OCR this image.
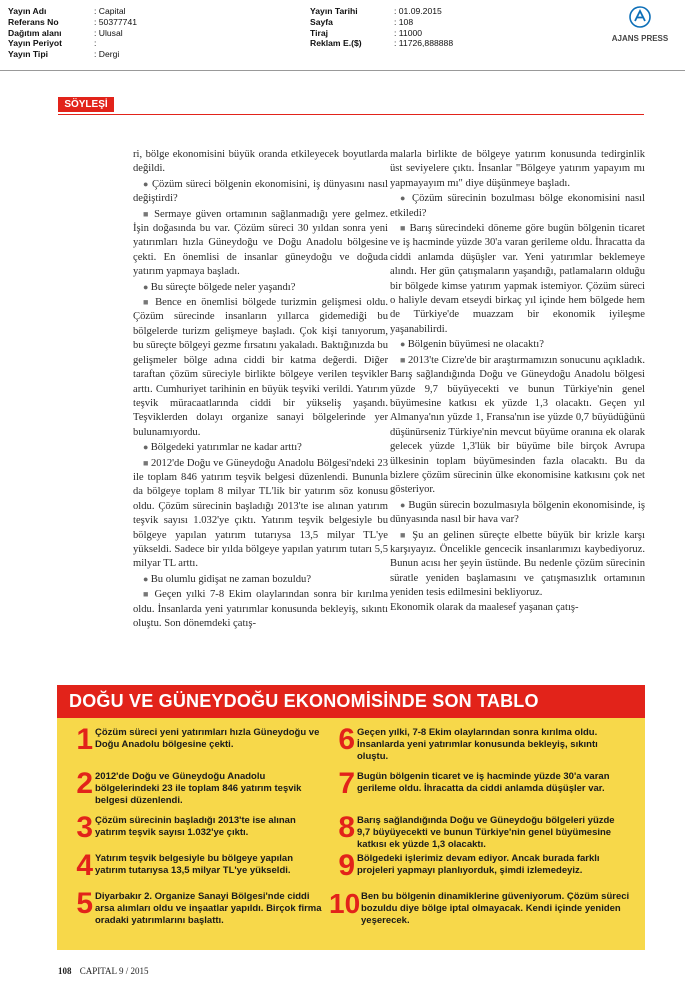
Yayın Adı	: Capital
Referans No	: 50377741
Dağıtım alanı	: Ulusal
Yayın Periyot	:
Yayın Tipi	: Dergi
Yayın Tarihi	: 01.09.2015
Sayfa	: 108
Tiraj	: 11000
Reklam E.($)	: 11726,888888	AJANS PRESS
SÖYLEŞİ

ri, bölge ekonomisini büyük oranda etkileyecek boyutlarda değildi.

● Çözüm süreci bölgenin ekonomisini, iş dünyasını nasıl değiştirdi?

■ Sermaye güven ortamının sağlanmadığı yere gelmez. İşin doğasında bu var. Çözüm süreci 30 yıldan sonra yeni yatırımları hızla Güneydoğu ve Doğu Anadolu bölgesine çekti. En önemlisi de insanlar güneydoğu ve doğuda yatırım yapmaya başladı.

● Bu süreçte bölgede neler yaşandı?

■ Bence en önemlisi bölgede turizmin gelişmesi oldu. Çözüm sürecinde insanların yıllarca gidemediği bu bölgelerde turizm gelişmeye başladı. Çok kişi tanıyorum, bu süreçte bölgeyi gezme fırsatını yakaladı. Baktığınızda bu gelişmeler bölge adına ciddi bir katma değerdi. Diğer taraftan çözüm süreciyle birlikte bölgeye verilen teşvikler arttı. Cumhuriyet tarihinin en büyük teşviki verildi. Yatırım teşvik müracaatlarında ciddi bir yükseliş yaşandı. Teşviklerden dolayı organize sanayi bölgelerinde yer bulunamıyordu.

● Bölgedeki yatırımlar ne kadar arttı?

■ 2012'de Doğu ve Güneydoğu Anadolu Bölgesi'ndeki 23 ile toplam 846 yatırım teşvik belgesi düzenlendi. Bununla da bölgeye toplam 8 milyar TL'lik bir yatırım söz konusu oldu. Çözüm sürecinin başladığı 2013'te ise alınan yatırım teşvik sayısı 1.032'ye çıktı. Yatırım teşvik belgesiyle bu bölgeye yapılan yatırım tutarıysa 13,5 milyar TL'ye yükseldi. Sadece bir yılda bölgeye yapılan yatırım tutarı 5,5 milyar TL arttı.

● Bu olumlu gidişat ne zaman bozuldu?

■ Geçen yılki 7-8 Ekim olaylarından sonra bir kırılma oldu. İnsanlarda yeni yatırımlar konusunda bekleyiş, sıkıntı oluştu. Son dönemdeki çatış-

malarla birlikte de bölgeye yatırım konusunda tedirginlik üst seviyelere çıktı. İnsanlar "Bölgeye yatırım yapayım mı yapmayayım mı" diye düşünmeye başladı.

● Çözüm sürecinin bozulması bölge ekonomisini nasıl etkiledi?

■ Barış sürecindeki döneme göre bugün bölgenin ticaret ve iş hacminde yüzde 30'a varan gerileme oldu. İhracatta da ciddi anlamda düşüşler var. Yeni yatırımlar beklemeye alındı. Her gün çatışmaların yaşandığı, patlamaların olduğu bir bölgede kimse yatırım yapmak istemiyor. Çözüm süreci o haliyle devam etseydi birkaç yıl içinde hem bölgede hem de Türkiye'de muazzam bir ekonomik iyileşme yaşanabilirdi.

● Bölgenin büyümesi ne olacaktı?

■ 2013'te Cizre'de bir araştırmamızın sonucunu açıkladık. Barış sağlandığında Doğu ve Güneydoğu Anadolu bölgesi yüzde 9,7 büyüyecekti ve bunun Türkiye'nin genel büyümesine katkısı ek yüzde 1,3 olacaktı. Geçen yıl Almanya'nın yüzde 1, Fransa'nın ise yüzde 0,7 büyüdüğünü düşünürseniz Türkiye'nin mevcut büyüme oranına ek olarak gelecek yüzde 1,3'lük bir büyüme bile birçok Avrupa ülkesinin toplam büyümesinden fazla olacaktı. Bu da bizlere çözüm sürecinin ülke ekonomisine katkısını çok net gösteriyor.

● Bugün sürecin bozulmasıyla bölgenin ekonomisinde, iş dünyasında nasıl bir hava var?

■ Şu an gelinen süreçte elbette büyük bir krizle karşı karşıyayız. Öncelikle gencecik insanlarımızı kaybediyoruz. Bunun acısı her şeyin üstünde. Bu nedenle çözüm sürecinin süratle yeniden başlamasını ve çatışmasızlık ortamının yeniden tesis edilmesini bekliyoruz.

Ekonomik olarak da maalesef yaşanan çatış-

DOĞU VE GÜNEYDOĞU EKONOMİSİNDE SON TABLO
1 Çözüm süreci yeni yatırımları hızla Güneydoğu ve Doğu Anadolu bölgesine çekti.
2 2012'de Doğu ve Güneydoğu Anadolu bölgelerindeki 23 ile toplam 846 yatırım teşvik belgesi düzenlendi.
3 Çözüm sürecinin başladığı 2013'te ise alınan yatırım teşvik sayısı 1.032'ye çıktı.
4 Yatırım teşvik belgesiyle bu bölgeye yapılan yatırım tutarıysa 13,5 milyar TL'ye yükseldi.
5 Diyarbakır 2. Organize Sanayi Bölgesi'nde ciddi arsa alımları oldu ve inşaatlar yapıldı. Birçok firma oradaki yatırımlarını başlattı.
6 Geçen yılki, 7-8 Ekim olaylarından sonra kırılma oldu. İnsanlarda yeni yatırımlar konusunda bekleyiş, sıkıntı oluştu.
7 Bugün bölgenin ticaret ve iş hacminde yüzde 30'a varan gerileme oldu. İhracatta da ciddi anlamda düşüşler var.
8 Barış sağlandığında Doğu ve Güneydoğu bölgeleri yüzde 9,7 büyüyecekti ve bunun Türkiye'nin genel büyümesine katkısı ek yüzde 1,3 olacaktı.
9 Bölgedeki işlerimiz devam ediyor. Ancak burada farklı projeleri yapmayı planlıyorduk, şimdi izlemedeyiz.
10 Ben bu bölgenin dinamiklerine güveniyorum. Çözüm süreci bozuldu diye bölge iptal olmayacak. Kendi içinde yeniden yeşerecek.
108 CAPITAL 9 / 2015
